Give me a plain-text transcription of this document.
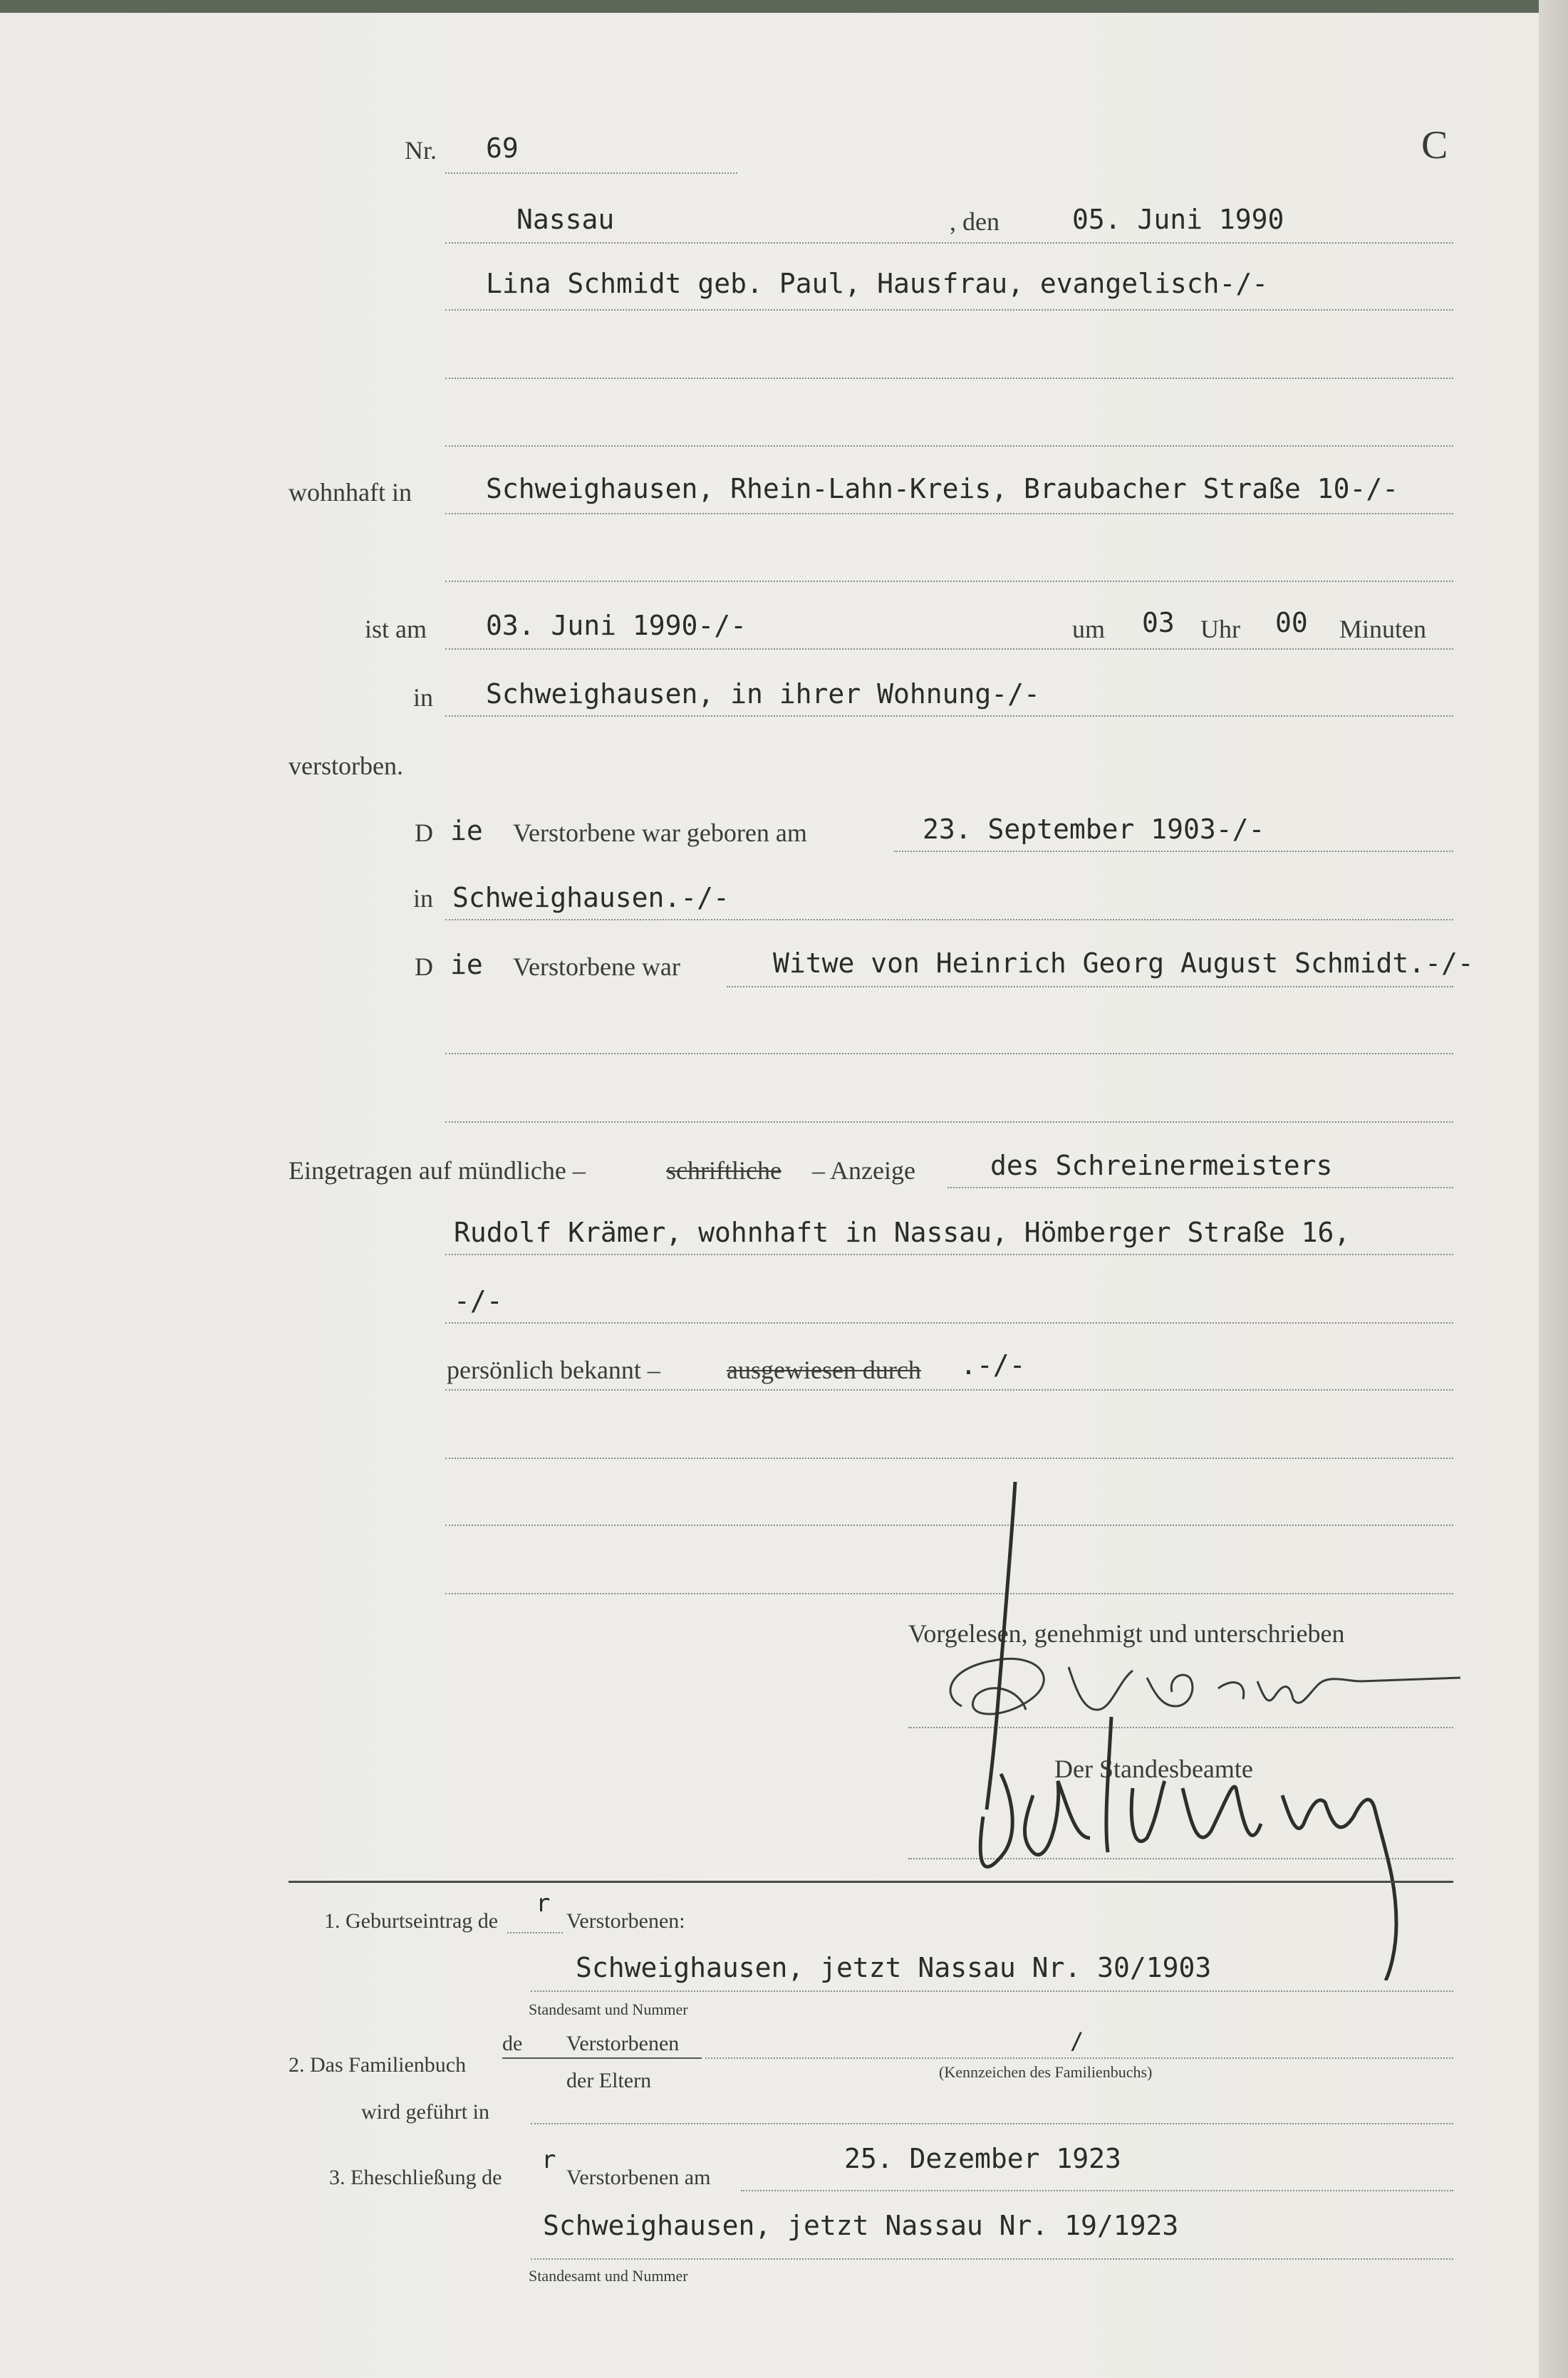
Nr. 69	C
Nassau	, den	05. Juni 1990
Lina Schmidt geb. Paul, Hausfrau, evangelisch-/-
wohnhaft in	Schweighausen, Rhein-Lahn-Kreis, Braubacher Straße 10-/-
ist am 03. Juni 1990-/-	um 03 Uhr 00 Minuten
in Schweighausen, in ihrer Wohnung-/-
verstorben.
D ie Verstorbene war geboren am	23. September 1903-/-
in Schweighausen.-/-
D ie Verstorbene war	Witwe von Heinrich Georg August Schmidt.-/-
Eingetragen auf mündliche –	schriftliche – Anzeige	des Schreinermeisters
Rudolf Krämer, wohnhaft in Nassau, Hömberger Straße 16,
-/-
persönlich bekannt –	ausgewiesen durch .-/-
Vorgelesen, genehmigt und unterschrieben
Der Standesbeamte
1. Geburtseintrag de
r
Verstorbenen:
Schweighausen, jetzt Nassau Nr. 30/1903
Standesamt und Nummer
2. Das Familienbuch
de Verstorbenen
der Eltern
/
(Kennzeichen des Familienbuchs)
wird geführt in
3. Eheschließung de
r
Verstorbenen am
25. Dezember 1923
Schweighausen, jetzt Nassau Nr. 19/1923
Standesamt und Nummer
